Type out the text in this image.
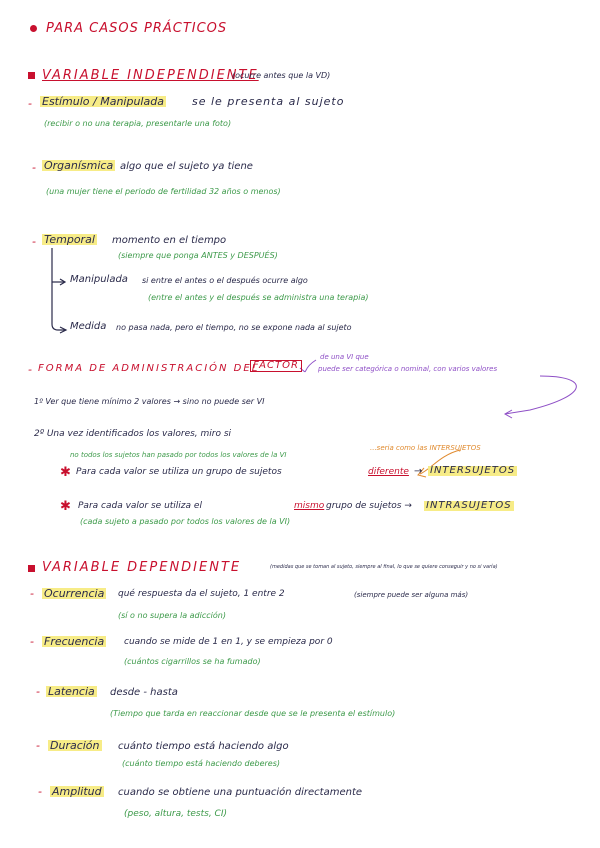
PARA CASOS PRÁCTICOS
VARIABLE INDEPENDIENTE
(ocurre antes que la VD)
- Estímulo / Manipulada	se le presenta al sujeto
(recibir o no una terapia, presentarle una foto)
- Organísmica algo que el sujeto ya tiene
(una mujer tiene el periodo de fertilidad 32 años o menos)
- Temporal momento en el tiempo
(siempre que ponga ANTES y DESPUÉS)
Manipulada si entre el antes o el después ocurre algo
(entre el antes y el después se administra una terapia)
Medida no pasa nada, pero el tiempo, no se expone nada al sujeto
- FORMA DE ADMINISTRACIÓN DEL
FACTOR
de una VI que
puede ser categórica o nominal, con varios valores
1º Ver que tiene mínimo 2 valores → sino no puede ser VI
2º Una vez identificados los valores, miro si
...seria como las INTERSUJETOS
no todos los sujetos han pasado por todos los valores de la VI
✱ Para cada valor se utiliza un grupo de sujetos	diferente → INTERSUJETOS
✱ Para cada valor se utiliza el	mismo grupo de sujetos → INTRASUJETOS
(cada sujeto a pasado por todos los valores de la VI)
VARIABLE DEPENDIENTE	(medidas que se toman al sujeto, siempre al final, lo que se quiere conseguir y no si varía)
- Ocurrencia qué respuesta da el sujeto, 1 entre 2	(siempre puede ser alguna más)
(sí o no supera la adicción)
- Frecuencia cuando se mide de 1 en 1, y se empieza por 0
(cuántos cigarrillos se ha fumado)
- Latencia desde - hasta
(Tiempo que tarda en reaccionar desde que se le presenta el estímulo)
- Duración cuánto tiempo está haciendo algo
(cuánto tiempo está haciendo deberes)
- Amplitud cuando se obtiene una puntuación directamente
(peso, altura, tests, CI)
